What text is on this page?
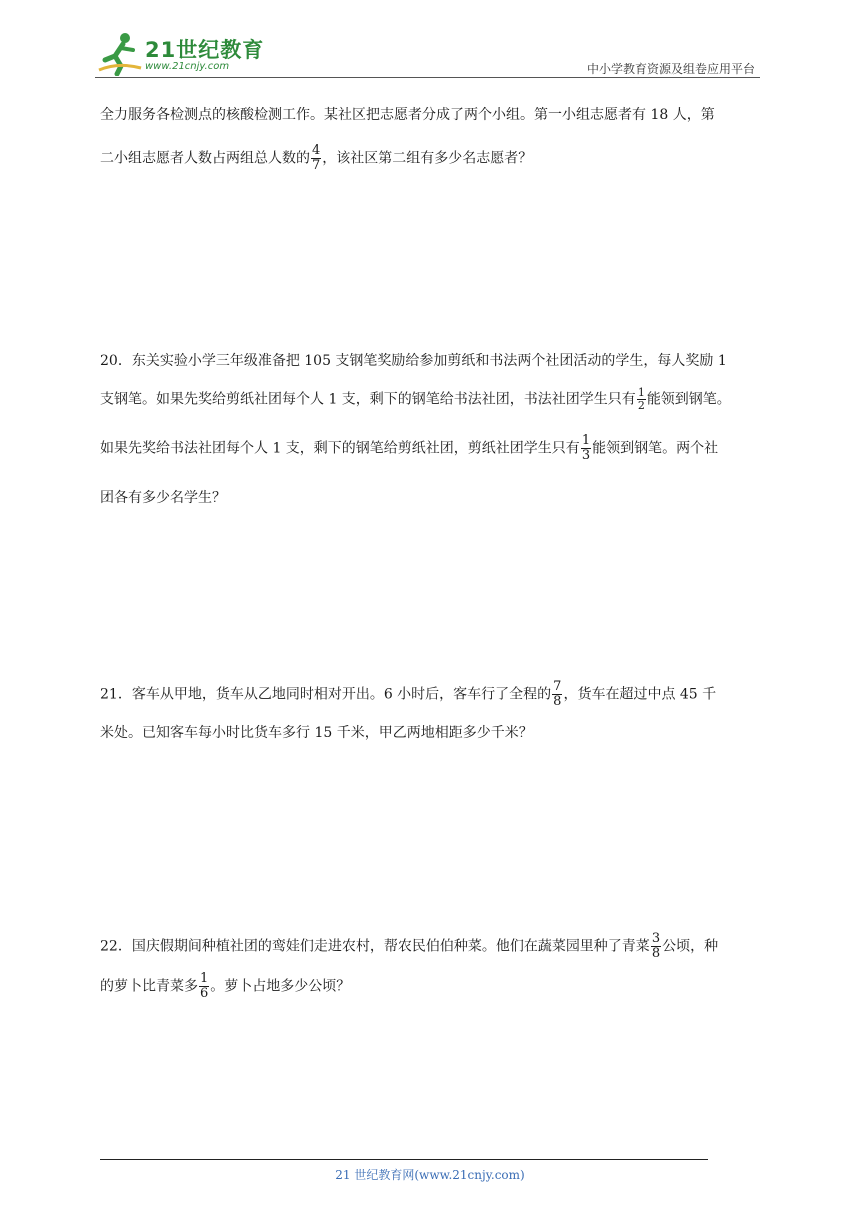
21世纪教育
www.21cnjy.com	中小学教育资源及组卷应用平台
全力服务各检测点的核酸检测工作。某社区把志愿者分成了两个小组。第一小组志愿者有 18 人，第
二小组志愿者人数占两组总人数的 $\frac{4}{7}$ ，该社区第二组有多少名志愿者？
20．东关实验小学三年级准备把 105 支钢笔奖励给参加剪纸和书法两个社团活动的学生，每人奖励 1
支钢笔。如果先奖给剪纸社团每个人 1 支，剩下的钢笔给书法社团，书法社团学生只有 $\frac{1}{2}$ 能领到钢笔。
如果先奖给书法社团每个人 1 支，剩下的钢笔给剪纸社团，剪纸社团学生只有 $\frac{1}{3}$ 能领到钢笔。两个社
团各有多少名学生？
21．客车从甲地，货车从乙地同时相对开出。6 小时后，客车行了全程的 $\frac{7}{8}$ ，货车在超过中点 45 千
米处。已知客车每小时比货车多行 15 千米，甲乙两地相距多少千米？
22．国庆假期间种植社团的鸾娃们走进农村，帮农民伯伯种菜。他们在蔬菜园里种了青菜 $\frac{3}{8}$ 公顷，种
的萝卜比青菜多 $\frac{1}{6}$ 。萝卜占地多少公顷？
21 世纪教育网(www.21cnjy.com)
